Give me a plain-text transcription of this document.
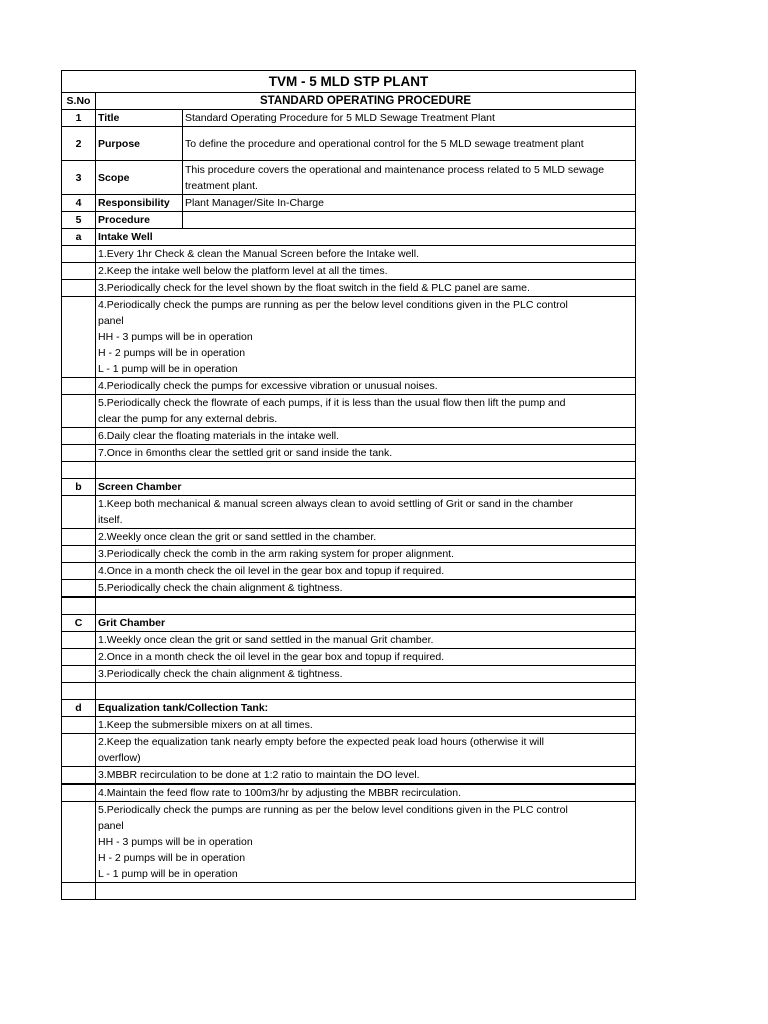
TVM - 5 MLD STP PLANT		
S.No	STANDARD OPERATING PROCEDURE	
1	Title	Standard Operating Procedure for 5 MLD Sewage Treatment Plant
2	Purpose	To define the procedure and operational control for the 5 MLD sewage treatment plant
3	Scope	This procedure covers the operational and maintenance process related to 5 MLD sewage treatment plant.
4	Responsibility	Plant Manager/Site In-Charge
5	Procedure	
a	Intake Well	

	1.Every 1hr Check & clean the Manual Screen before the Intake well.	

	2.Keep the intake well below the platform level at all the times.	

	3.Periodically check for the level shown by the float switch in the field & PLC panel are same.	

	4.Periodically check the pumps are running as per the below level conditions given in the PLC control
panel
HH - 3 pumps will be in operation
H - 2 pumps will be in operation
L - 1 pump will be in operation	

	4.Periodically check the pumps for excessive vibration or unusual noises.	

	5.Periodically check the flowrate of each pumps, if it is less than the usual flow then lift the pump and
clear the pump for any external debris.	

	6.Daily clear the floating materials in the intake well.	

	7.Once in 6months clear the settled grit or sand inside the tank.	

b	Screen Chamber	

	1.Keep both mechanical & manual screen always clean to avoid settling of Grit or sand in the chamber
itself.	

	2.Weekly once clean the grit or sand settled in the chamber.	

	3.Periodically check the comb in the arm raking system for proper alignment.	

	4.Once in a month check the oil level in the gear box and topup if required.	

	5.Periodically check the chain alignment & tightness.	

C	Grit Chamber	

	1.Weekly once clean the grit or sand settled in the manual Grit chamber.	

	2.Once in a month check the oil level in the gear box and topup if required.	

	3.Periodically check the chain alignment & tightness.	

d	Equalization tank/Collection Tank:	

	1.Keep the submersible mixers on at all times.	

	2.Keep the equalization tank nearly empty before the expected peak load hours (otherwise it will
overflow)	

	3.MBBR recirculation to be done at 1:2 ratio to maintain the DO level.	

	4.Maintain the feed flow rate to 100m3/hr by adjusting the MBBR recirculation.	

	5.Periodically check the pumps are running as per the below level conditions given in the PLC control
panel
HH - 3 pumps will be in operation
H - 2 pumps will be in operation
L - 1 pump will be in operation	
